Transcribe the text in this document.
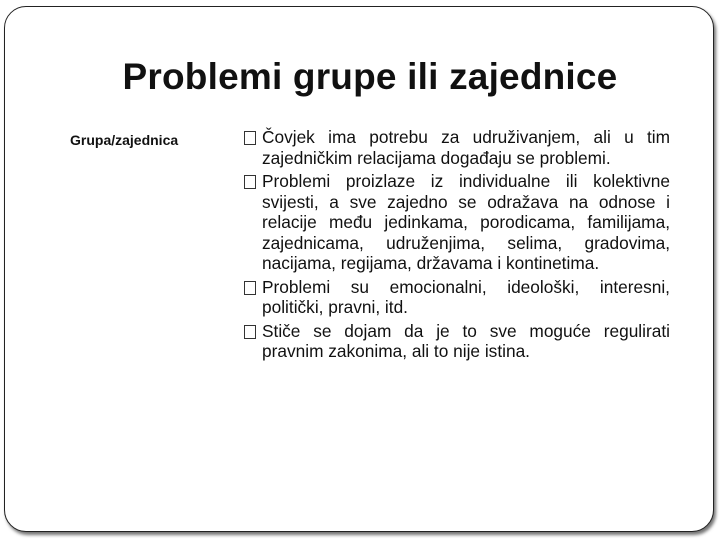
Problemi grupe ili zajednice
Grupa/zajednica	Čovjek ima potrebu za udruživanjem, ali u tim zajedničkim relacijama događaju se problemi.
Problemi proizlaze iz individualne ili kolektivne svijesti, a sve zajedno se odražava na odnose i relacije među jedinkama, porodicama, familijama, zajednicama, udruženjima, selima, gradovima, nacijama, regijama, državama i kontinetima.
Problemi su emocionalni, ideološki, interesni, politički, pravni, itd.
Stiče se dojam da je to sve moguće regulirati pravnim zakonima, ali to nije istina.
